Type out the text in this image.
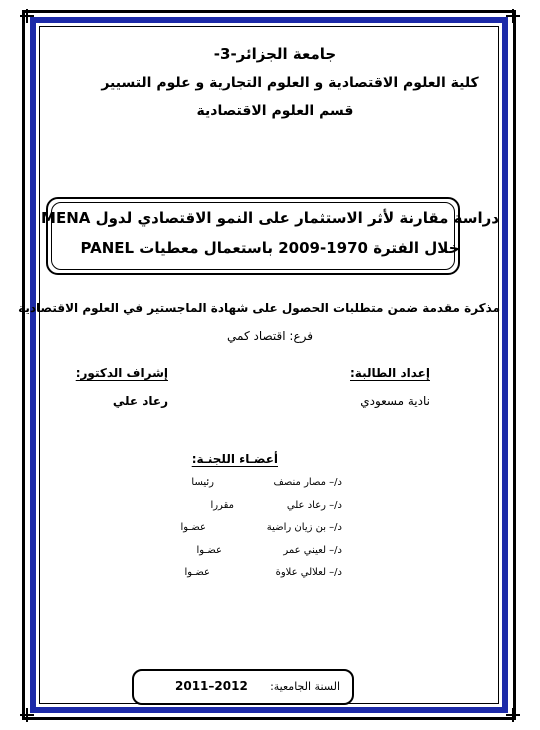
جامعة الجزائر-3-
كلية العلوم الاقتصادية و العلوم التجارية و علوم التسيير
قسم العلوم الاقتصادية
دراسة مقارنة لأثر الاستثمار على النمو الاقتصادي لدول MENA
خلال الفترة 1970-2009 باستعمال معطيات PANEL
مذكرة مقدمة ضمن متطلبات الحصول على شهادة الماجستير في العلوم الاقتصادية
فرع: اقتصاد كمي
إعداد الطالبة:
نادية مسعودي
إشراف الدكتور:
رعاد علي
أعضـاء اللجنـة:
د/– مصار منصف
رئيسا
د/– رعاد علي
مقررا
د/– بن زيان راضية
عضـوا
د/– لعيني عمر
عضـوا
د/– لعلالي علاوة
عضـوا
السنة الجامعية:
2011–2012
